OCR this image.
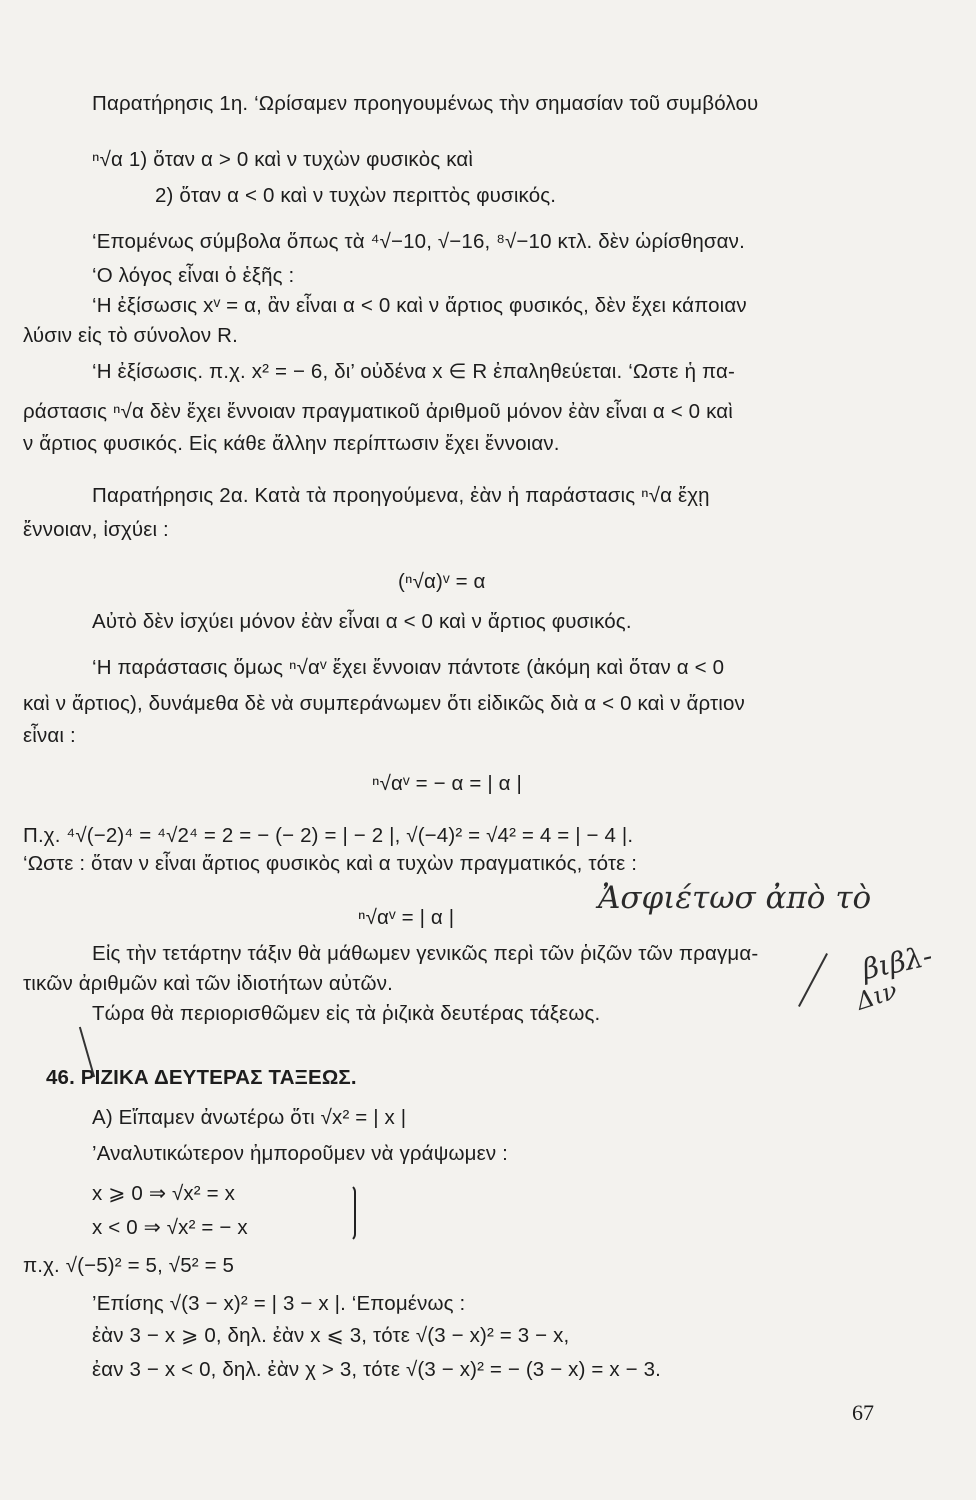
Παρατήρησις 1η. ‘Ωρίσαμεν προηγουμένως τὴν σημασίαν τοῦ συμβόλου
ⁿ√α 1) ὅταν α > 0 καὶ ν τυχὼν φυσικὸς καὶ
2) ὅταν α < 0 καὶ ν τυχὼν περιττὸς φυσικός.
‘Επομένως σύμβολα ὅπως τὰ ⁴√−10, √−16, ⁸√−10 κτλ. δὲν ὡρίσθησαν.
‘Ο λόγος εἶναι ὁ ἑξῆς :
‘Η ἐξίσωσις xᵛ = α, ἂν εἶναι α < 0 καὶ ν ἄρτιος φυσικός, δὲν ἔχει κάποιαν
λύσιν εἰς τὸ σύνολον R.
‘Η ἐξίσωσις. π.χ. x² = − 6, δι’ οὐδένα x ∈ R ἐπαληθεύεται. ‘Ωστε ἡ πα-
ράστασις ⁿ√α δὲν ἔχει ἔννοιαν πραγματικοῦ ἀριθμοῦ μόνον ἐὰν εἶναι α < 0 καὶ
ν ἄρτιος φυσικός. Εἰς κάθε ἄλλην περίπτωσιν ἔχει ἔννοιαν.
Παρατήρησις 2α. Κατὰ τὰ προηγούμενα, ἐὰν ἡ παράστασις ⁿ√α ἔχῃ
ἔννοιαν, ἰσχύει :
(ⁿ√α)ᵛ = α
Αὐτὸ δὲν ἰσχύει μόνον ἐὰν εἶναι α < 0 καὶ ν ἄρτιος φυσικός.
‘Η παράστασις ὅμως ⁿ√αᵛ ἔχει ἔννοιαν πάντοτε (ἀκόμη καὶ ὅταν α < 0
καὶ ν ἄρτιος), δυνάμεθα δὲ νὰ συμπεράνωμεν ὅτι εἰδικῶς διὰ α < 0 καὶ ν ἄρτιον
εἶναι :
ⁿ√αᵛ = − α = | α |
Π.χ. ⁴√(−2)⁴ = ⁴√2⁴ = 2 = − (− 2) = | − 2 |, √(−4)² = √4² = 4 = | − 4 |.
‘Ωστε : ὅταν ν εἶναι ἄρτιος φυσικὸς καὶ α τυχὼν πραγματικός, τότε :
ⁿ√αᵛ = | α |
Εἰς τὴν τετάρτην τάξιν θὰ μάθωμεν γενικῶς περὶ τῶν ῥιζῶν τῶν πραγμα-
τικῶν ἀριθμῶν καὶ τῶν ἰδιοτήτων αὐτῶν.
Τώρα θὰ περιορισθῶμεν εἰς τὰ ῥιζικὰ δευτέρας τάξεως.
46. ΡΙΖΙΚΑ ΔΕΥΤΕΡΑΣ ΤΑΞΕΩΣ.
Α) Εἴπαμεν ἀνωτέρω ὅτι √x² = | x |
’Αναλυτικώτερον ἠμποροῦμεν νὰ γράψωμεν :
x ⩾ 0 ⇒ √x² = x
x < 0 ⇒ √x² = − x
π.χ. √(−5)² = 5, √5² = 5
’Επίσης √(3 − x)² = | 3 − x |. ‘Επομένως :
ἐὰν 3 − x ⩾ 0, δηλ. ἐὰν x ⩽ 3, τότε √(3 − x)² = 3 − x,
ἐαν 3 − x < 0, δηλ. ἐὰν χ > 3, τότε √(3 − x)² = − (3 − x) = x − 3.
67
Ἀσφιέτωσ ἀπὸ τὸ
βιβλ-
Διν
